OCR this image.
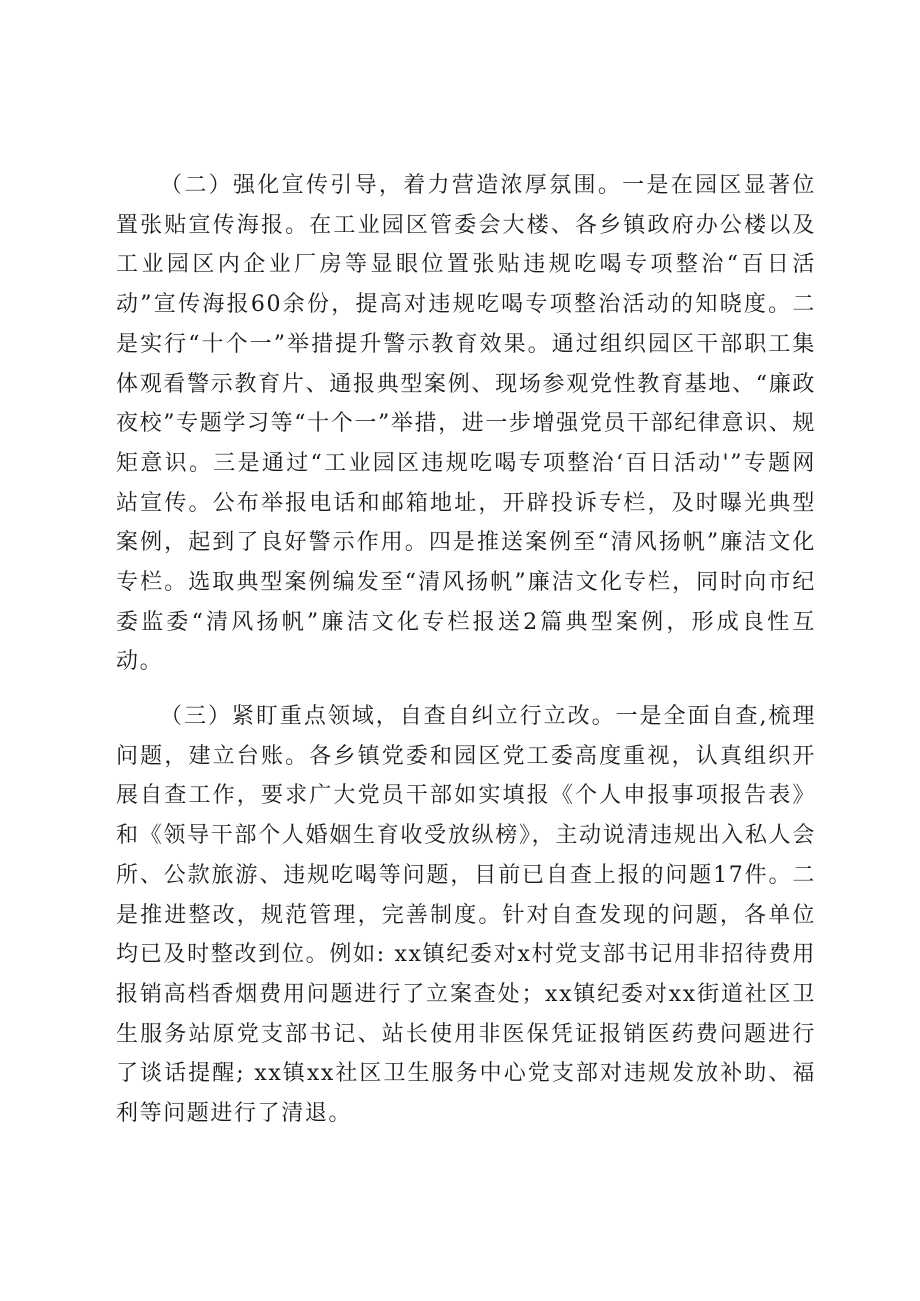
（二）强化宣传引导，着力营造浓厚氛围。一是在园区显著位置张贴宣传海报。在工业园区管委会大楼、各乡镇政府办公楼以及工业园区内企业厂房等显眼位置张贴违规吃喝专项整治“百日活动”宣传海报60余份，提高对违规吃喝专项整治活动的知晓度。二是实行“十个一”举措提升警示教育效果。通过组织园区干部职工集体观看警示教育片、通报典型案例、现场参观党性教育基地、“廉政夜校”专题学习等“十个一”举措，进一步增强党员干部纪律意识、规矩意识。三是通过“工业园区违规吃喝专项整治‘百日活动'”专题网站宣传。公布举报电话和邮箱地址，开辟投诉专栏，及时曝光典型案例，起到了良好警示作用。四是推送案例至“清风扬帆”廉洁文化专栏。选取典型案例编发至“清风扬帆”廉洁文化专栏，同时向市纪委监委“清风扬帆”廉洁文化专栏报送2篇典型案例，形成良性互动。

（三）紧盯重点领域，自查自纠立行立改。一是全面自查,梳理问题，建立台账。各乡镇党委和园区党工委高度重视，认真组织开展自查工作，要求广大党员干部如实填报《个人申报事项报告表》和《领导干部个人婚姻生育收受放纵榜》，主动说清违规出入私人会所、公款旅游、违规吃喝等问题，目前已自查上报的问题17件。二是推进整改，规范管理，完善制度。针对自查发现的问题，各单位均已及时整改到位。例如: xx镇纪委对x村党支部书记用非招待费用报销高档香烟费用问题进行了立案查处；xx镇纪委对xx街道社区卫生服务站原党支部书记、站长使用非医保凭证报销医药费问题进行了谈话提醒; xx镇xx社区卫生服务中心党支部对违规发放补助、福利等问题进行了清退。
